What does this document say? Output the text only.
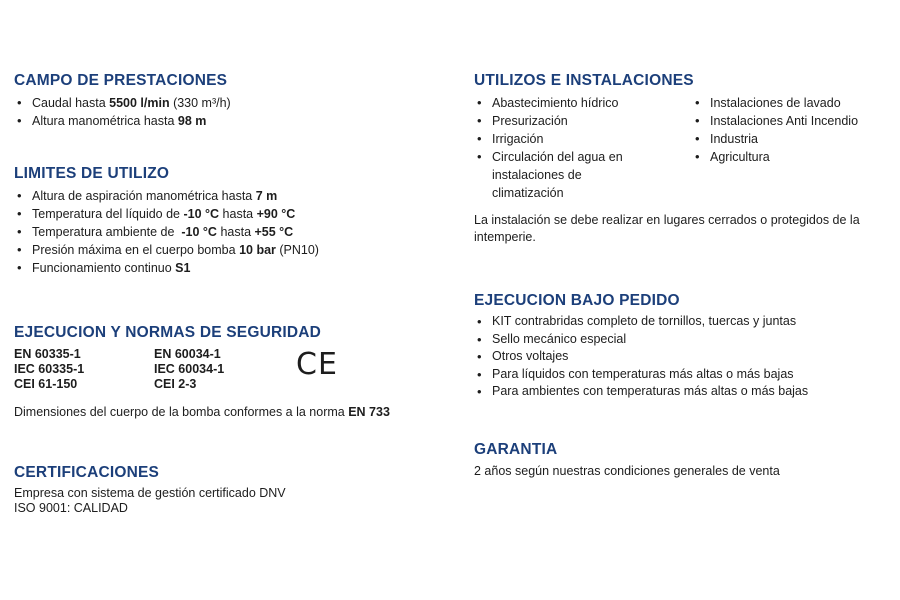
CAMPO DE PRESTACIONES
• Caudal hasta 5500 l/min (330 m³/h)
• Altura manométrica hasta 98 m
LIMITES DE UTILIZO
• Altura de aspiración manométrica hasta 7 m
• Temperatura del líquido de -10 °C hasta +90 °C
• Temperatura ambiente de  -10 °C hasta +55 °C
• Presión máxima en el cuerpo bomba 10 bar (PN10)
• Funcionamiento continuo S1
EJECUCION Y NORMAS DE SEGURIDAD
EN 60335-1
IEC 60335-1
CEI 61-150
EN 60034-1
IEC 60034-1
CEI 2-3
CE

Dimensiones del cuerpo de la bomba conformes a la norma EN 733

CERTIFICACIONES

Empresa con sistema de gestión certificado DNV

ISO 9001: CALIDAD

UTILIZOS E INSTALACIONES
• Abastecimiento hídrico
• Presurización
• Irrigación
• Circulación del agua en instalaciones de climatización
• Instalaciones de lavado
• Instalaciones Anti Incendio
• Industria
• Agricultura

La instalación se debe realizar en lugares cerrados o protegidos de la intemperie.

EJECUCION BAJO PEDIDO
• KIT contrabridas completo de tornillos, tuercas y juntas
• Sello mecánico especial
• Otros voltajes
• Para líquidos con temperaturas más altas o más bajas
• Para ambientes con temperaturas más altas o más bajas
GARANTIA

2 años según nuestras condiciones generales de venta
